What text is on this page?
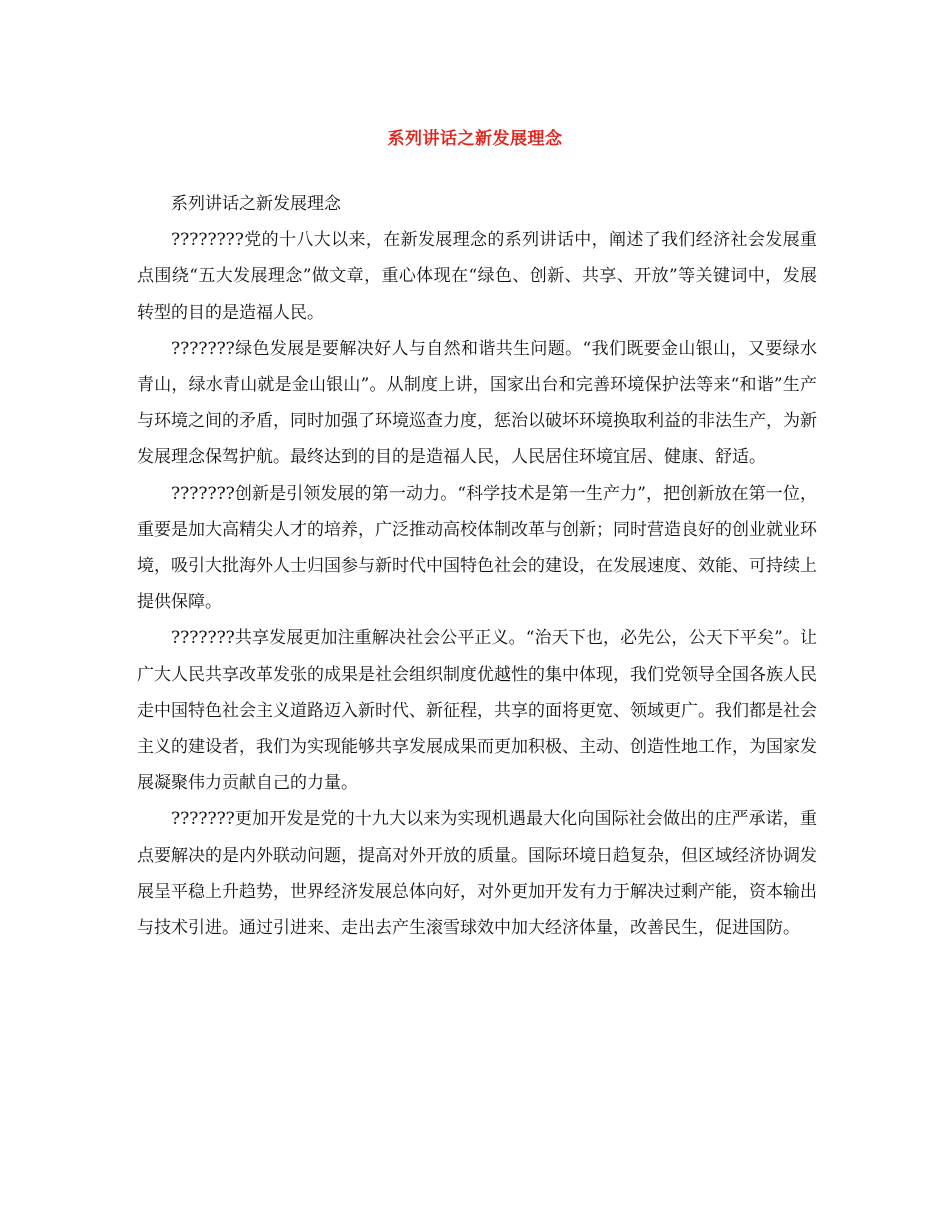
系列讲话之新发展理念

系列讲话之新发展理念

????????党的十八大以来，在新发展理念的系列讲话中，阐述了我们经济社会发展重点围绕“五大发展理念”做文章，重心体现在“绿色、创新、共享、开放”等关键词中，发展转型的目的是造福人民。

???????绿色发展是要解决好人与自然和谐共生问题。“我们既要金山银山，又要绿水青山，绿水青山就是金山银山”。从制度上讲，国家出台和完善环境保护法等来“和谐”生产与环境之间的矛盾，同时加强了环境巡查力度，惩治以破坏环境换取利益的非法生产，为新发展理念保驾护航。最终达到的目的是造福人民，人民居住环境宜居、健康、舒适。

???????创新是引领发展的第一动力。“科学技术是第一生产力”，把创新放在第一位，重要是加大高精尖人才的培养，广泛推动高校体制改革与创新；同时营造良好的创业就业环境，吸引大批海外人士归国参与新时代中国特色社会的建设，在发展速度、效能、可持续上提供保障。

???????共享发展更加注重解决社会公平正义。“治天下也，必先公，公天下平矣”。让广大人民共享改革发张的成果是社会组织制度优越性的集中体现，我们党领导全国各族人民走中国特色社会主义道路迈入新时代、新征程，共享的面将更宽、领域更广。我们都是社会主义的建设者，我们为实现能够共享发展成果而更加积极、主动、创造性地工作，为国家发展凝聚伟力贡献自己的力量。

???????更加开发是党的十九大以来为实现机遇最大化向国际社会做出的庄严承诺，重点要解决的是内外联动问题，提高对外开放的质量。国际环境日趋复杂，但区域经济协调发展呈平稳上升趋势，世界经济发展总体向好，对外更加开发有力于解决过剩产能，资本输出与技术引进。通过引进来、走出去产生滚雪球效中加大经济体量，改善民生，促进国防。
